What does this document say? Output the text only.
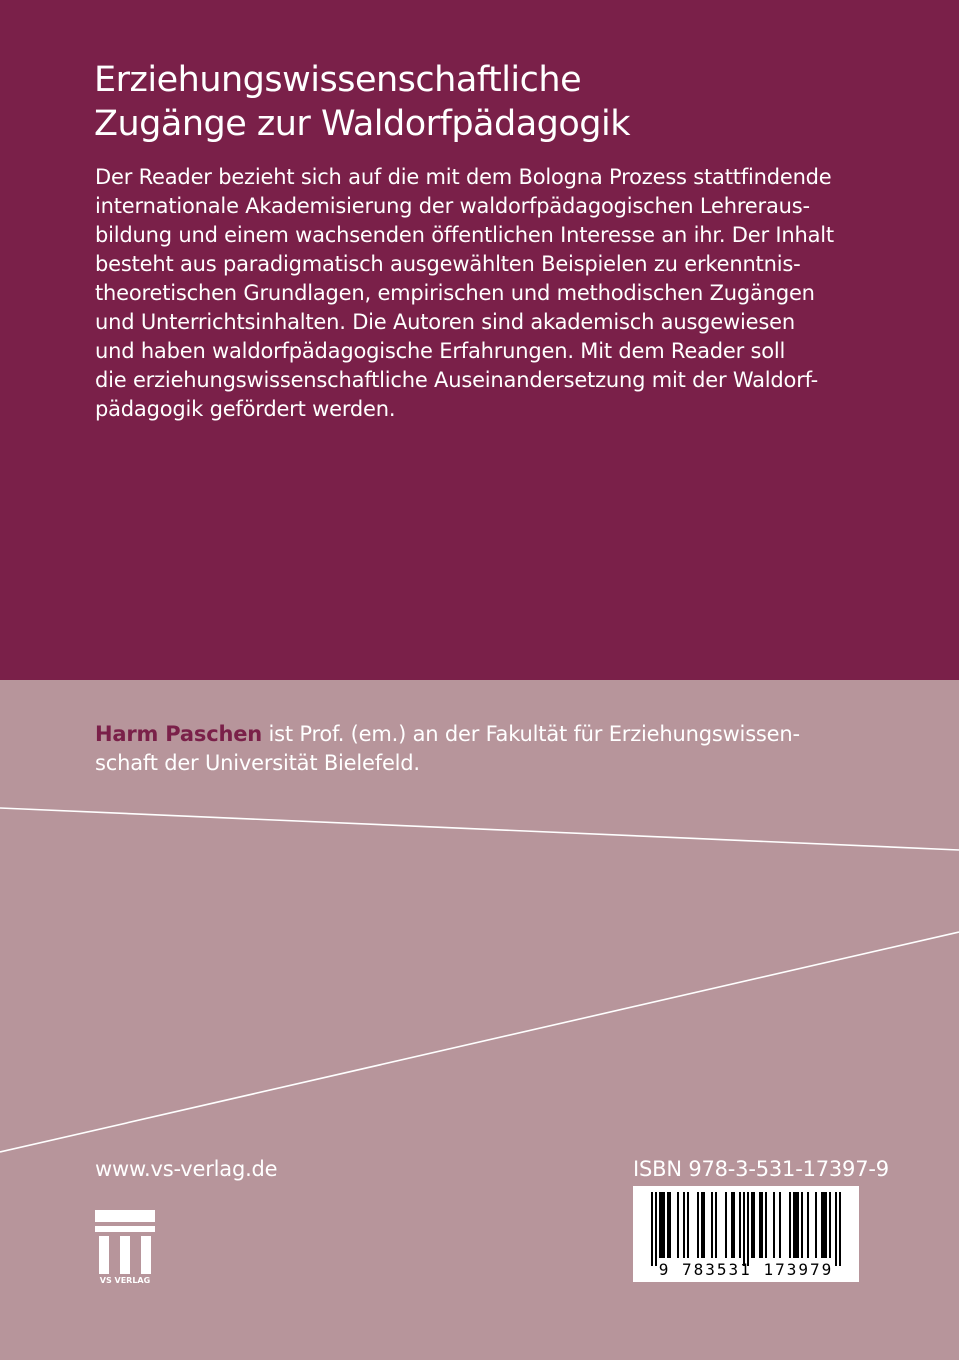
Erziehungswissenschaftliche
Zugänge zur Waldorfpädagogik
Der Reader bezieht sich auf die mit dem Bologna Prozess stattfindende
internationale Akademisierung der waldorfpädagogischen Lehreraus-
bildung und einem wachsenden öffentlichen Interesse an ihr. Der Inhalt
besteht aus paradigmatisch ausgewählten Beispielen zu erkenntnis-
theoretischen Grundlagen, empirischen und methodischen Zugängen
und Unterrichtsinhalten. Die Autoren sind akademisch ausgewiesen
und haben waldorfpädagogische Erfahrungen. Mit dem Reader soll
die erziehungswissenschaftliche Auseinandersetzung mit der Waldorf-
pädagogik gefördert werden.
Harm Paschen ist Prof. (em.) an der Fakultät für Erziehungswissen-
schaft der Universität Bielefeld.
www.vs-verlag.de
VS VERLAG
ISBN 978-3-531-17397-9
9 783531 173979
